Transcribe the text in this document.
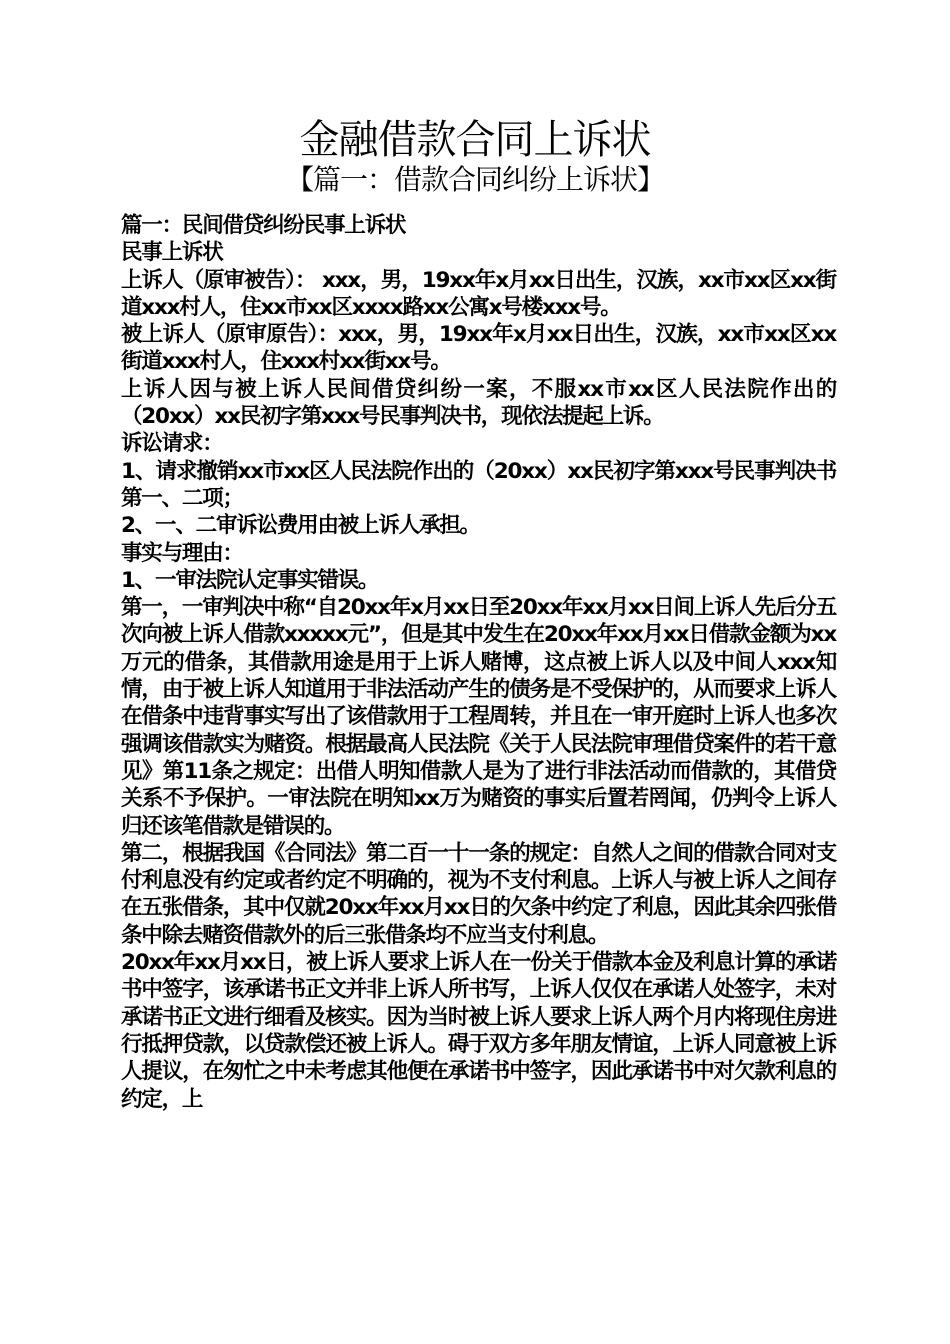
金融借款合同上诉状
【篇一：借款合同纠纷上诉状】

篇一：民间借贷纠纷民事上诉状

民事上诉状

上诉人（原审被告）： xxx，男，19xx年x月xx日出生，汉族，xx市xx区xx街道xxx村人，住xx市xx区xxxx路xx公寓x号楼xxx号。

被上诉人（原审原告）：xxx，男，19xx年x月xx日出生，汉族，xx市xx区xx街道xxx村人，住xxx村xx街xx号。

上诉人因与被上诉人民间借贷纠纷一案，不服xx市xx区人民法院作出的（20xx）xx民初字第xxx号民事判决书，现依法提起上诉。

诉讼请求：

1、请求撤销xx市xx区人民法院作出的（20xx）xx民初字第xxx号民事判决书第一、二项；

2、一、二审诉讼费用由被上诉人承担。

事实与理由：

1、一审法院认定事实错误。

第一，一审判决中称“自20xx年x月xx日至20xx年xx月xx日间上诉人先后分五次向被上诉人借款xxxxx元”，但是其中发生在20xx年xx月xx日借款金额为xx万元的借条，其借款用途是用于上诉人赌博，这点被上诉人以及中间人xxx知情，由于被上诉人知道用于非法活动产生的债务是不受保护的，从而要求上诉人在借条中违背事实写出了该借款用于工程周转，并且在一审开庭时上诉人也多次强调该借款实为赌资。根据最高人民法院《关于人民法院审理借贷案件的若干意见》第11条之规定：出借人明知借款人是为了进行非法活动而借款的，其借贷关系不予保护。一审法院在明知xx万为赌资的事实后置若罔闻，仍判令上诉人归还该笔借款是错误的。

第二，根据我国《合同法》第二百一十一条的规定：自然人之间的借款合同对支付利息没有约定或者约定不明确的，视为不支付利息。上诉人与被上诉人之间存在五张借条，其中仅就20xx年xx月xx日的欠条中约定了利息，因此其余四张借条中除去赌资借款外的后三张借条均不应当支付利息。

20xx年xx月xx日，被上诉人要求上诉人在一份关于借款本金及利息计算的承诺书中签字，该承诺书正文并非上诉人所书写，上诉人仅仅在承诺人处签字，未对承诺书正文进行细看及核实。因为当时被上诉人要求上诉人两个月内将现住房进行抵押贷款，以贷款偿还被上诉人。碍于双方多年朋友情谊，上诉人同意被上诉人提议，在匆忙之中未考虑其他便在承诺书中签字，因此承诺书中对欠款利息的约定，上
